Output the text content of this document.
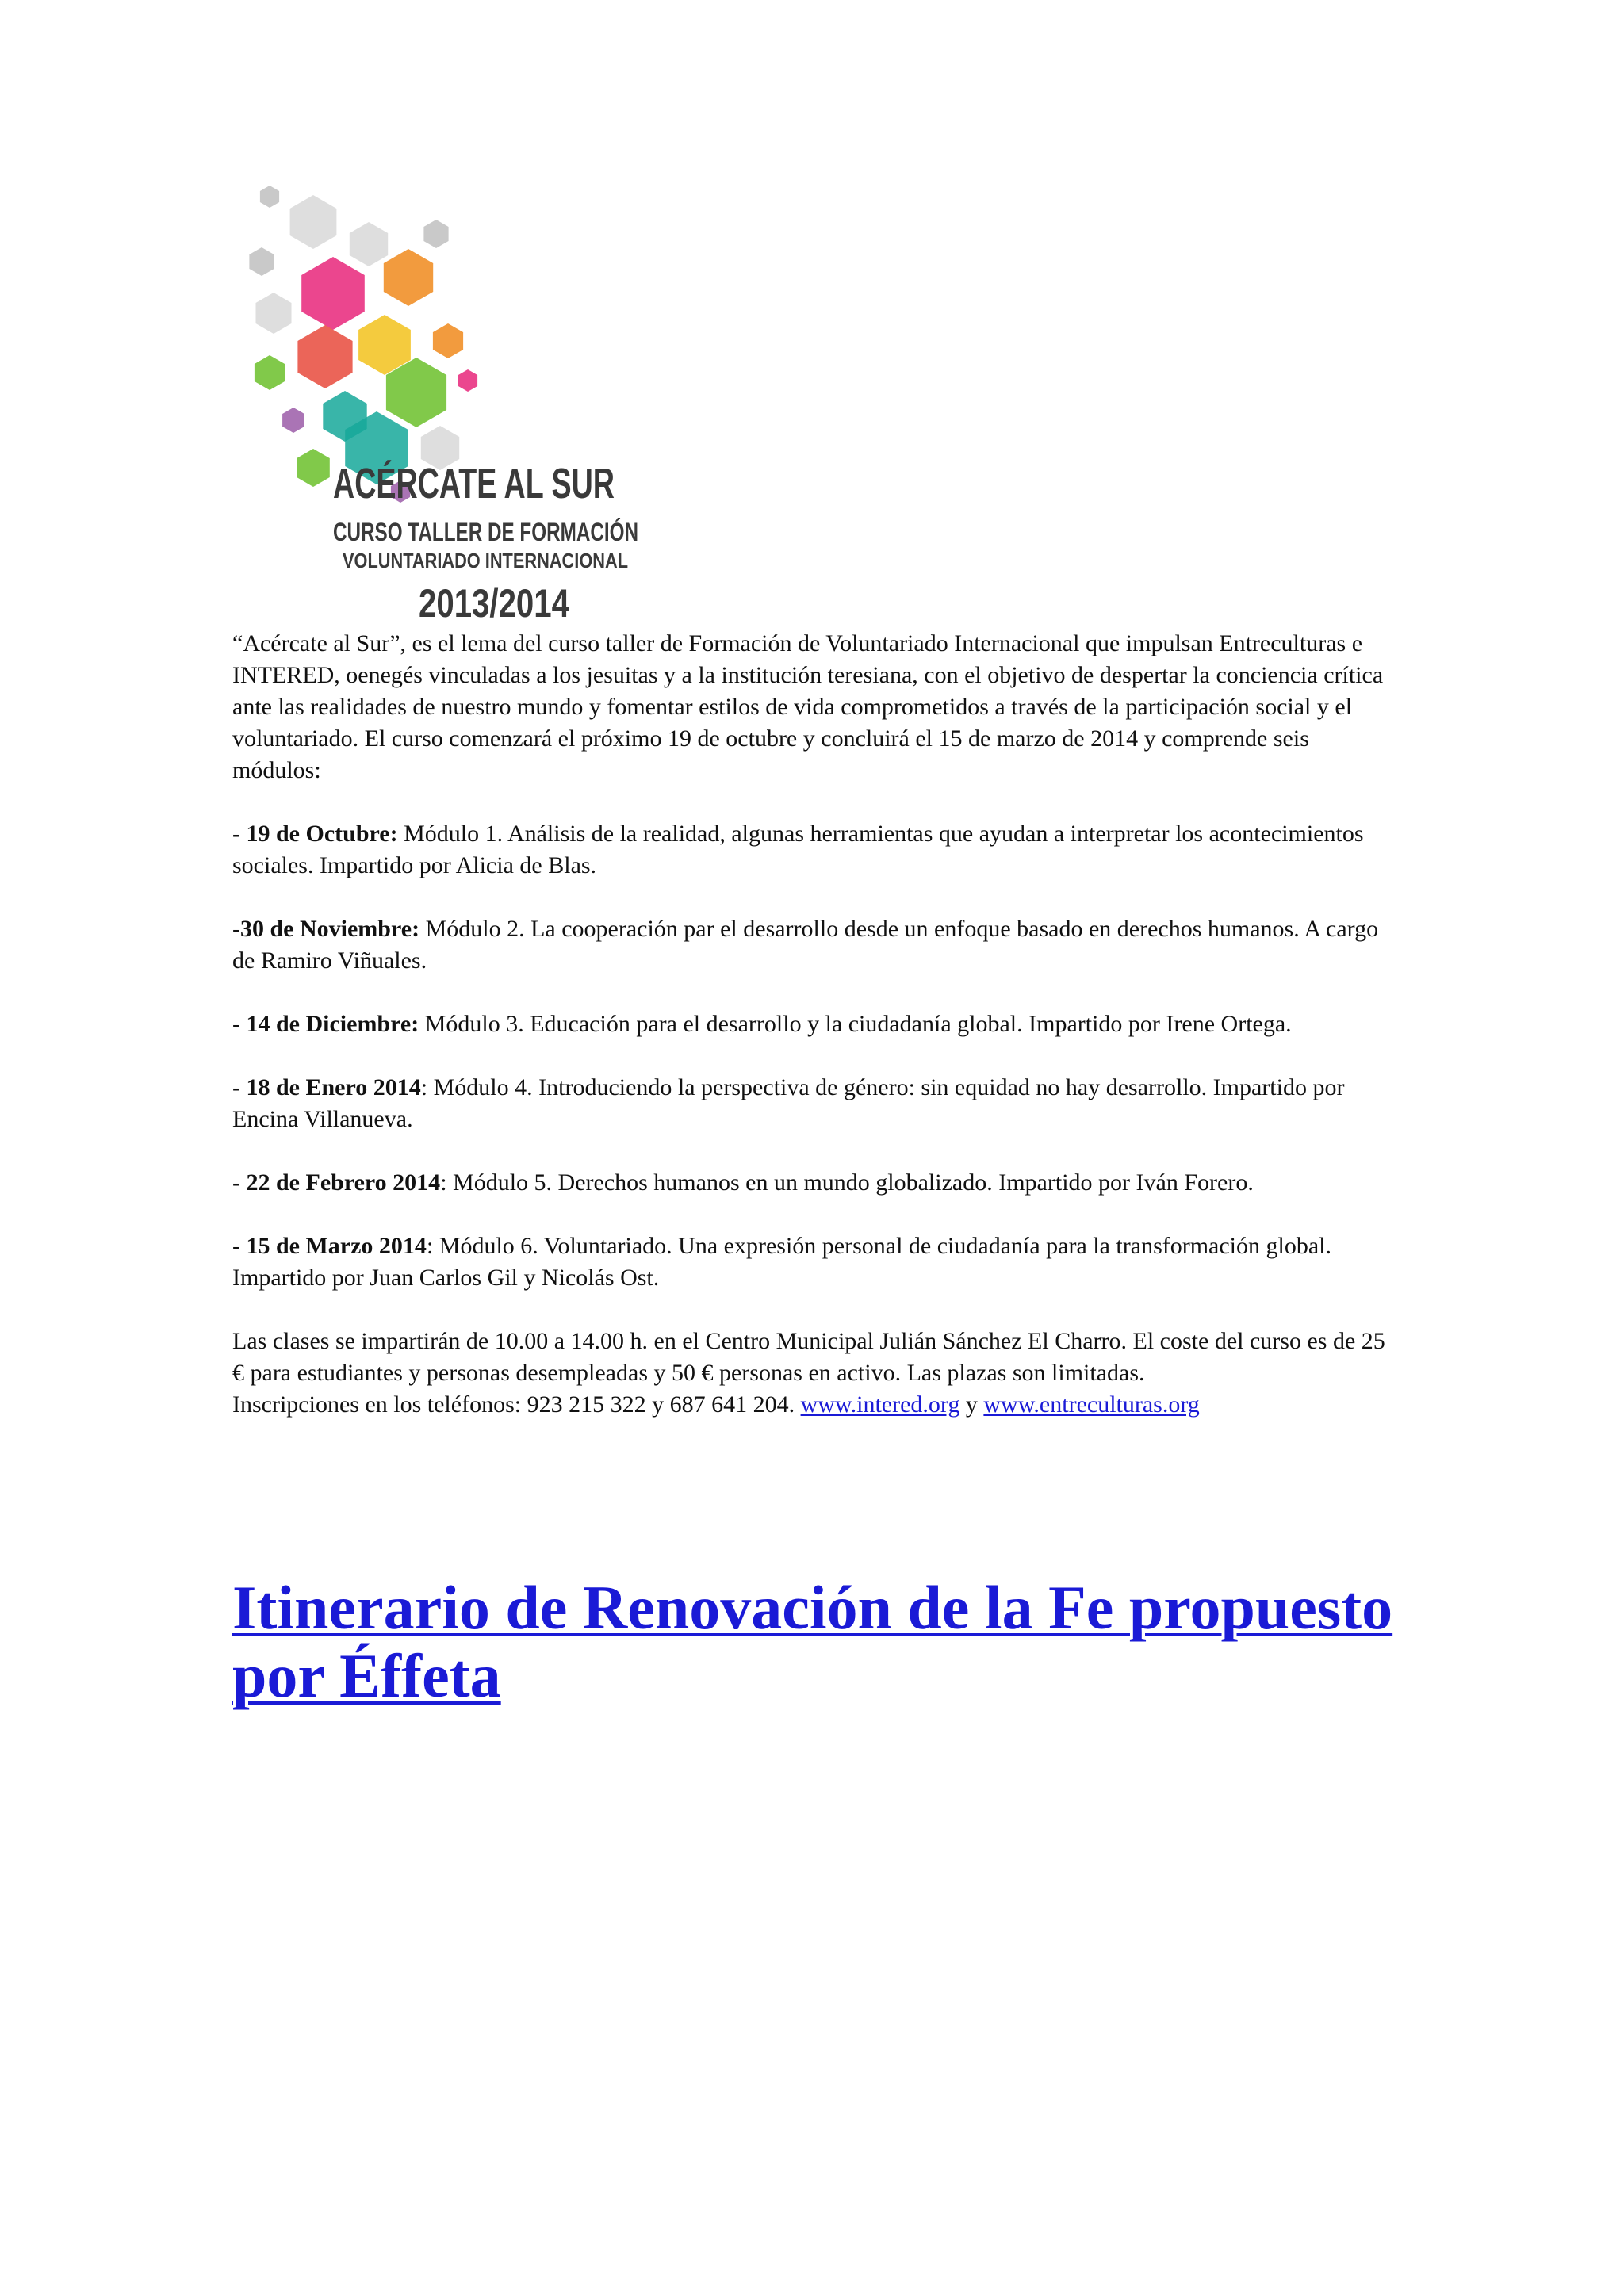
ACÉRCATE AL SUR
CURSO TALLER DE FORMACIÓN
VOLUNTARIADO INTERNACIONAL
2013/2014

“Acércate al Sur”, es el lema del curso taller de Formación de Voluntariado Internacional que impulsan Entreculturas e INTERED, oenegés vinculadas a los jesuitas y a la institución teresiana, con el objetivo de despertar la conciencia crítica ante las realidades de nuestro mundo y fomentar estilos de vida comprometidos a través de la participación social y el voluntariado. El curso comenzará el próximo 19 de octubre y concluirá el 15 de marzo de 2014 y comprende seis módulos:

- 19 de Octubre: Módulo 1. Análisis de la realidad, algunas herramientas que ayudan a interpretar los acontecimientos sociales. Impartido por Alicia de Blas.

-30 de Noviembre: Módulo 2. La cooperación par el desarrollo desde un enfoque basado en derechos humanos. A cargo de Ramiro Viñuales.

- 14 de Diciembre: Módulo 3. Educación para el desarrollo y la ciudadanía global. Impartido por Irene Ortega.

- 18 de Enero 2014: Módulo 4. Introduciendo la perspectiva de género: sin equidad no hay desarrollo. Impartido por Encina Villanueva.

- 22 de Febrero 2014: Módulo 5. Derechos humanos en un mundo globalizado. Impartido por Iván Forero.

- 15 de Marzo 2014: Módulo 6. Voluntariado. Una expresión personal de ciudadanía para la transformación global. Impartido por Juan Carlos Gil y Nicolás Ost.

Las clases se impartirán de 10.00 a 14.00 h. en el Centro Municipal Julián Sánchez El Charro. El coste del curso es de 25 € para estudiantes y personas desempleadas y 50 € personas en activo. Las plazas son limitadas.

Inscripciones en los teléfonos: 923 215 322 y 687 641 204. www.intered.org y www.entreculturas.org

Itinerario de Renovación de la Fe propuesto por Éffeta
